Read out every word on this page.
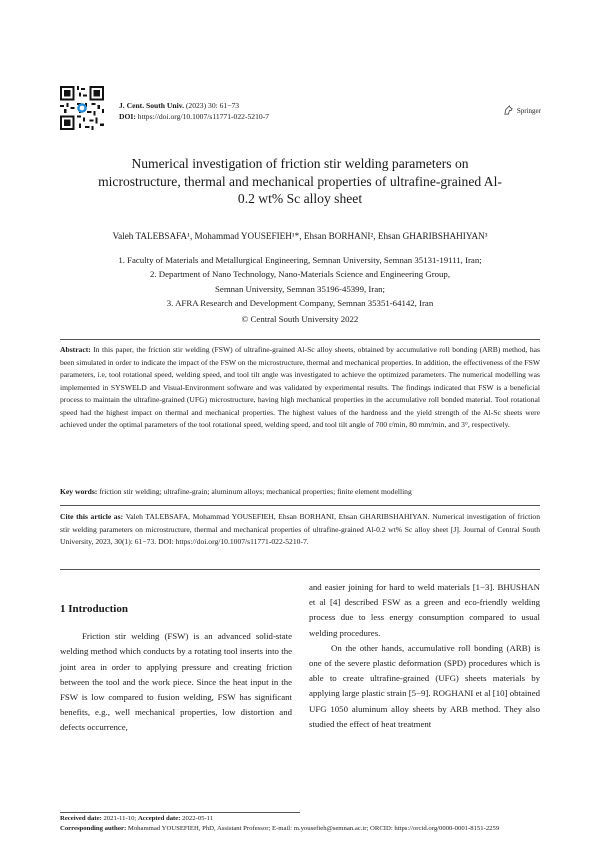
J. Cent. South Univ. (2023) 30: 61−73
DOI: https://doi.org/10.1007/s11771-022-5210-7
Springer
Numerical investigation of friction stir welding parameters on microstructure, thermal and mechanical properties of ultrafine-grained Al-0.2 wt% Sc alloy sheet
Valeh TALEBSAFA¹, Mohammad YOUSEFIEH¹*, Ehsan BORHANI², Ehsan GHARIBSHAHIYAN³
1. Faculty of Materials and Metallurgical Engineering, Semnan University, Semnan 35131-19111, Iran;
2. Department of Nano Technology, Nano-Materials Science and Engineering Group,
Semnan University, Semnan 35196-45399, Iran;
3. AFRA Research and Development Company, Semnan 35351-64142, Iran
© Central South University 2022
Abstract: In this paper, the friction stir welding (FSW) of ultrafine-grained Al-Sc alloy sheets, obtained by accumulative roll bonding (ARB) method, has been simulated in order to indicate the impact of the FSW on the microstructure, thermal and mechanical properties. In addition, the effectiveness of the FSW parameters, i.e, tool rotational speed, welding speed, and tool tilt angle was investigated to achieve the optimized parameters. The numerical modelling was implemented in SYSWELD and Visual-Environment software and was validated by experimental results. The findings indicated that FSW is a beneficial process to maintain the ultrafine-grained (UFG) microstructure, having high mechanical properties in the accumulative roll bonded material. Tool rotational speed had the highest impact on thermal and mechanical properties. The highest values of the hardness and the yield strength of the Al-Sc sheets were achieved under the optimal parameters of the tool rotational speed, welding speed, and tool tilt angle of 700 r/min, 80 mm/min, and 3°, respectively.
Key words: friction stir welding; ultrafine-grain; aluminum alloys; mechanical properties; finite element modelling
Cite this article as: Valeh TALEBSAFA, Mohammad YOUSEFIEH, Ehsan BORHANI, Ehsan GHARIBSHAHIYAN. Numerical investigation of friction stir welding parameters on microstructure, thermal and mechanical properties of ultrafine-grained Al-0.2 wt% Sc alloy sheet [J]. Journal of Central South University, 2023, 30(1): 61−73. DOI: https://doi.org/10.1007/s11771-022-5210-7.
1 Introduction

Friction stir welding (FSW) is an advanced solid-state welding method which conducts by a rotating tool inserts into the joint area in order to applying pressure and creating friction between the tool and the work piece. Since the heat input in the FSW is low compared to fusion welding, FSW has significant benefits, e.g., well mechanical properties, low distortion and defects occurrence,

and easier joining for hard to weld materials [1−3]. BHUSHAN et al [4] described FSW as a green and eco-friendly welding process due to less energy consumption compared to usual welding procedures.

On the other hands, accumulative roll bonding (ARB) is one of the severe plastic deformation (SPD) procedures which is able to create ultrafine-grained (UFG) sheets materials by applying large plastic strain [5−9]. ROGHANI et al [10] obtained UFG 1050 aluminum alloy sheets by ARB method. They also studied the effect of heat treatment

Received date: 2021-11-10; Accepted date: 2022-05-11
Corresponding author: Mohammad YOUSEFIEH, PhD, Assistant Professor; E-mail: m.yousefieh@semnan.ac.ir; ORCID: https://orcid.org/0000-0001-8151-2259
